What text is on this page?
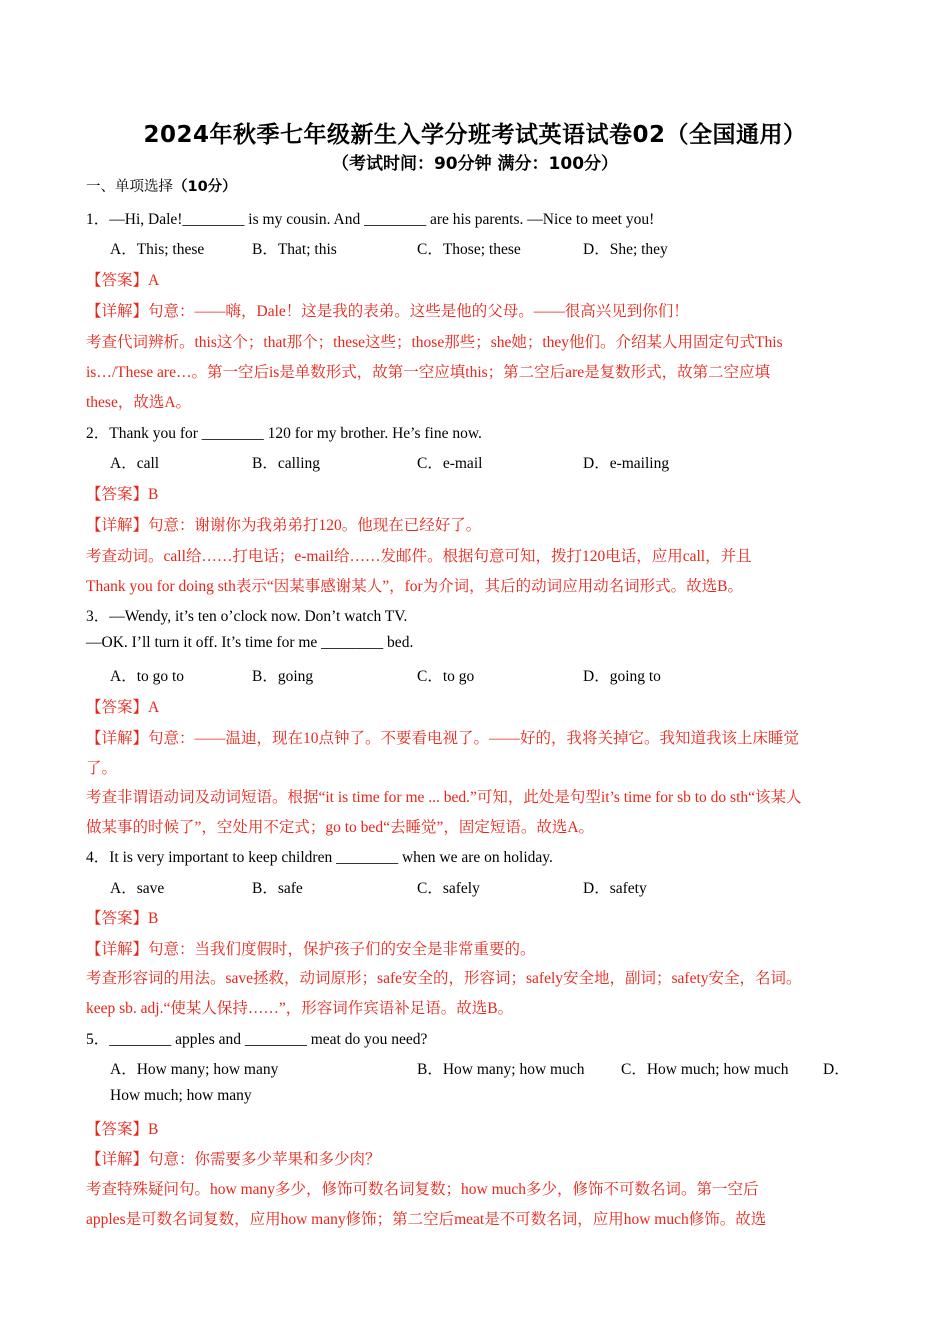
2024年秋季七年级新生入学分班考试英语试卷02（全国通用）
（考试时间：90分钟 满分：100分）
一、单项选择（10分）
1．—Hi, Dale!________ is my cousin. And ________ are his parents. —Nice to meet you!
A．This; these	B．That; this	C．Those; these	D．She; they
【答案】A
【详解】句意：——嗨，Dale！这是我的表弟。这些是他的父母。——很高兴见到你们！
考查代词辨析。this这个；that那个；these这些；those那些；she她；they他们。介绍某人用固定句式This
is…/These are…。第一空后is是单数形式，故第一空应填this；第二空后are是复数形式，故第二空应填
these，故选A。
2．Thank you for ________ 120 for my brother. He’s fine now.
A．call	B．calling	C．e-mail	D．e-mailing
【答案】B
【详解】句意：谢谢你为我弟弟打120。他现在已经好了。
考查动词。call给……打电话；e-mail给……发邮件。根据句意可知，拨打120电话，应用call，并且
Thank you for doing sth表示“因某事感谢某人”，for为介词，其后的动词应用动名词形式。故选B。
3．—Wendy, it’s ten o’clock now. Don’t watch TV.
—OK. I’ll turn it off. It’s time for me ________ bed.
A．to go to	B．going	C．to go	D．going to
【答案】A
【详解】句意：——温迪，现在10点钟了。不要看电视了。——好的，我将关掉它。我知道我该上床睡觉
了。
考查非谓语动词及动词短语。根据“it is time for me ... bed.”可知，此处是句型it’s time for sb to do sth“该某人
做某事的时候了”，空处用不定式；go to bed“去睡觉”，固定短语。故选A。
4．It is very important to keep children ________ when we are on holiday.
A．save	B．safe	C．safely	D．safety
【答案】B
【详解】句意：当我们度假时，保护孩子们的安全是非常重要的。
考查形容词的用法。save拯救，动词原形；safe安全的，形容词；safely安全地，副词；safety安全，名词。
keep sb. adj.“使某人保持……”，形容词作宾语补足语。故选B。
5．________ apples and ________ meat do you need?
A．How many; how many	B．How many; how much C．How much; how much D．
How much; how many
【答案】B
【详解】句意：你需要多少苹果和多少肉？
考查特殊疑问句。how many多少，修饰可数名词复数；how much多少，修饰不可数名词。第一空后
apples是可数名词复数，应用how many修饰；第二空后meat是不可数名词，应用how much修饰。故选
